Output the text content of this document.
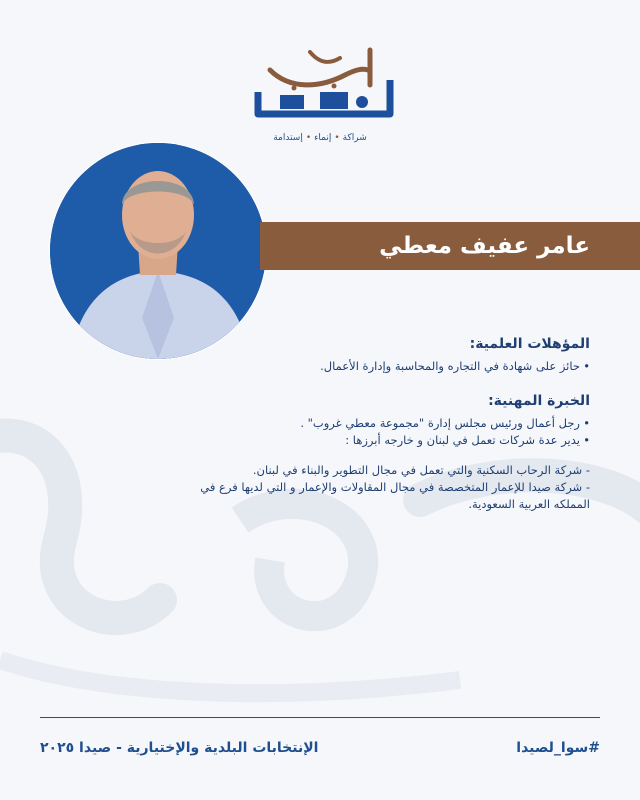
شراكة•إنماء•إستدامة
عامر عفيف معطي
المؤهلات العلمية:
•
حائز على شهادة في التجاره والمحاسبة وإدارة الأعمال.
الخبرة المهنية:
•
رجل أعمال ورئيس مجلس إدارة "مجموعة معطي غروب" .
•
يدير عدة شركات تعمل في لبنان و خارجه أبرزها :
- شركة الرحاب السكنية والتي تعمل في مجال التطوير والبناء في لبنان.
- شركة صيدا للإعمار المتخصصة في مجال المقاولات والإعمار و التي لديها فرع في المملكه العربية السعودية.
الإنتخابات البلدية والإختيارية - صيدا ٢٠٢٥	#سوا_لصيدا
